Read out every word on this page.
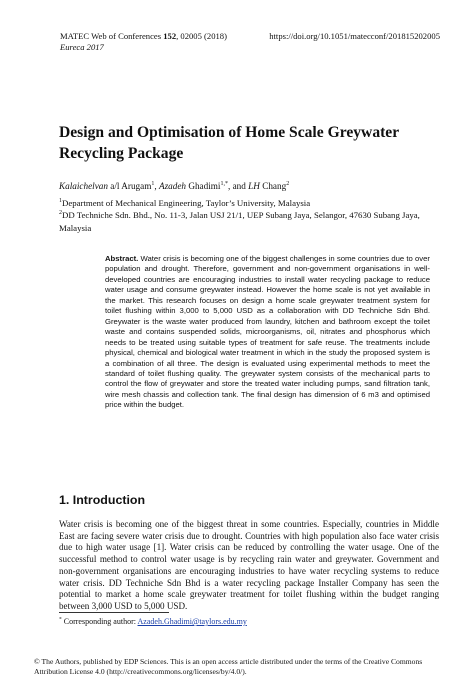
MATEC Web of Conferences 152, 02005 (2018)	https://doi.org/10.1051/matecconf/201815202005
Eureca 2017
Design and Optimisation of Home Scale Greywater Recycling Package
Kalaichelvan a/l Arugam$^1$, Azadeh Ghadimi$^{1,*}$, and LH Chang$^2$
$^1$Department of Mechanical Engineering, Taylor’s University, Malaysia
$^2$DD Techniche Sdn. Bhd., No. 11-3, Jalan USJ 21/1, UEP Subang Jaya, Selangor, 47630 Subang Jaya, Malaysia
Abstract. Water crisis is becoming one of the biggest challenges in some countries due to over population and drought. Therefore, government and non-government organisations in well-developed countries are encouraging industries to install water recycling package to reduce water usage and consume greywater instead. However the home scale is not yet available in the market. This research focuses on design a home scale greywater treatment system for toilet flushing within 3,000 to 5,000 USD as a collaboration with DD Techniche Sdn Bhd. Greywater is the waste water produced from laundry, kitchen and bathroom except the toilet waste and contains suspended solids, microorganisms, oil, nitrates and phosphorus which needs to be treated using suitable types of treatment for safe reuse. The treatments include physical, chemical and biological water treatment in which in the study the proposed system is a combination of all three. The design is evaluated using experimental methods to meet the standard of toilet flushing quality. The greywater system consists of the mechanical parts to control the flow of greywater and store the treated water including pumps, sand filtration tank, wire mesh chassis and collection tank. The final design has dimension of 6 m3 and optimised price within the budget.
1. Introduction
Water crisis is becoming one of the biggest threat in some countries. Especially, countries in Middle East are facing severe water crisis due to drought. Countries with high population also face water crisis due to high water usage [1]. Water crisis can be reduced by controlling the water usage. One of the successful method to control water usage is by recycling rain water and greywater. Government and non-government organisations are encouraging industries to have water recycling systems to reduce water crisis. DD Techniche Sdn Bhd is a water recycling package Installer Company has seen the potential to market a home scale greywater treatment for toilet flushing within the budget ranging between 3,000 USD to 5,000 USD.
* Corresponding author: Azadeh.Ghadimi@taylors.edu.my
© The Authors, published by EDP Sciences. This is an open access article distributed under the terms of the Creative Commons Attribution License 4.0 (http://creativecommons.org/licenses/by/4.0/).
